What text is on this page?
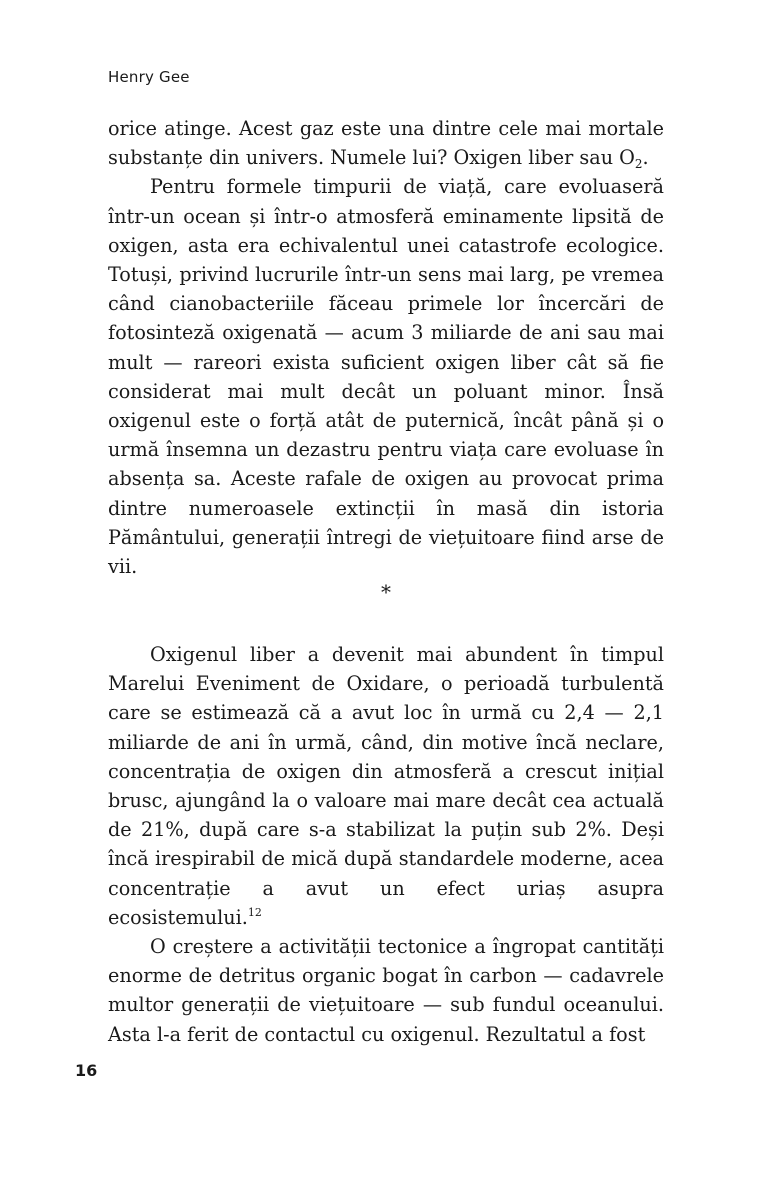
Henry Gee

orice atinge. Acest gaz este una dintre cele mai mortale substanțe din univers. Numele lui? Oxigen liber sau $O_2$.

Pentru formele timpurii de viață, care evoluaseră într-un ocean și într-o atmosferă eminamente lipsită de oxigen, asta era echivalentul unei catastrofe ecologice. Totuși, privind lucrurile într-un sens mai larg, pe vremea când cianobacteriile făceau primele lor încercări de fotosinteză oxigenată — acum 3 miliarde de ani sau mai mult — rareori exista suficient oxigen liber cât să fie considerat mai mult decât un poluant minor. Însă oxigenul este o forță atât de puternică, încât până și o urmă însemna un dezastru pentru viața care evoluase în absența sa. Aceste rafale de oxigen au provocat prima dintre numeroasele extincții în masă din istoria Pământului, generații întregi de viețuitoare fiind arse de vii.

*

Oxigenul liber a devenit mai abundent în timpul Marelui Eveniment de Oxidare, o perioadă turbulentă care se estimează că a avut loc în urmă cu 2,4 — 2,1 miliarde de ani în urmă, când, din motive încă neclare, concentrația de oxigen din atmosferă a crescut inițial brusc, ajungând la o valoare mai mare decât cea actuală de 21%, după care s-a stabilizat la puțin sub 2%. Deși încă irespirabil de mică după standardele moderne, acea concentrație a avut un efect uriaș asupra ecosistemului.$^{12}$

O creștere a activității tectonice a îngropat cantități enorme de detritus organic bogat în carbon — cadavrele multor generații de viețuitoare — sub fundul oceanului. Asta l-a ferit de contactul cu oxigenul. Rezultatul a fost

16
